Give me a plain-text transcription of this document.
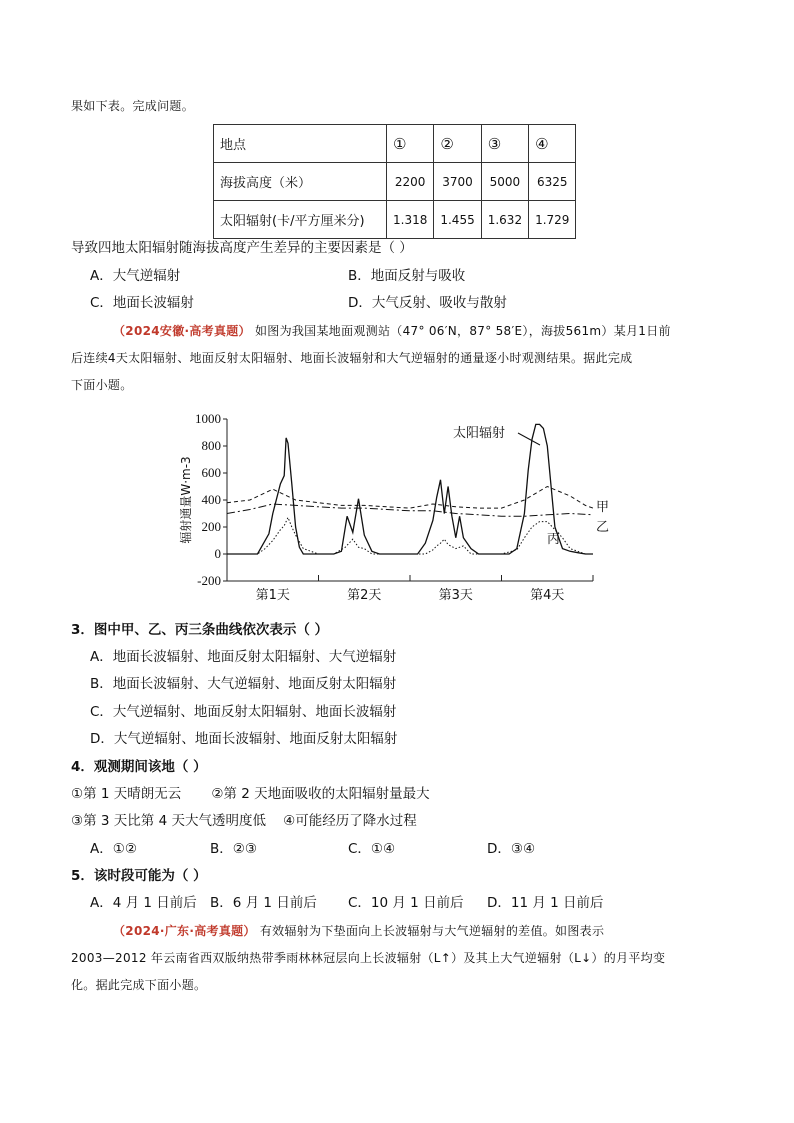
果如下表。完成问题。
地点	①	②	③	④
海拔高度（米）	2200	3700	5000	6325
太阳辐射(卡/平方厘米分)	1.318	1.455	1.632	1.729
导致四地太阳辐射随海拔高度产生差异的主要因素是（ ）
A．大气逆辐射	B．地面反射与吸收
C．地面长波辐射	D．大气反射、吸收与散射
（2024安徽·高考真题） 如图为我国某地面观测站（47° 06′N，87° 58′E），海拔561m）某月1日前
后连续4天太阳辐射、地面反射太阳辐射、地面长波辐射和大气逆辐射的通量逐小时观测结果。据此完成
下面小题。
1000
800
600
400
200
0
-200
第1天	第2天	第3天	第4天
辐射通量W·m-3
太阳辐射
甲
乙
丙
3．图中甲、乙、丙三条曲线依次表示（ ）
A．地面长波辐射、地面反射太阳辐射、大气逆辐射
B．地面长波辐射、大气逆辐射、地面反射太阳辐射
C．大气逆辐射、地面反射太阳辐射、地面长波辐射
D．大气逆辐射、地面长波辐射、地面反射太阳辐射
4．观测期间该地（ ）
①第 1 天晴朗无云       ②第 2 天地面吸收的太阳辐射量最大
③第 3 天比第 4 天大气透明度低    ④可能经历了降水过程
A．①②	B．②③	C．①④	D．③④
5．该时段可能为（ ）
A．4 月 1 日前后 B．6 月 1 日前后 C．10 月 1 日前后 D．11 月 1 日前后
（2024·广东·高考真题） 有效辐射为下垫面向上长波辐射与大气逆辐射的差值。如图表示
2003—2012 年云南省西双版纳热带季雨林林冠层向上长波辐射（L↑）及其上大气逆辐射（L↓）的月平均变
化。据此完成下面小题。
